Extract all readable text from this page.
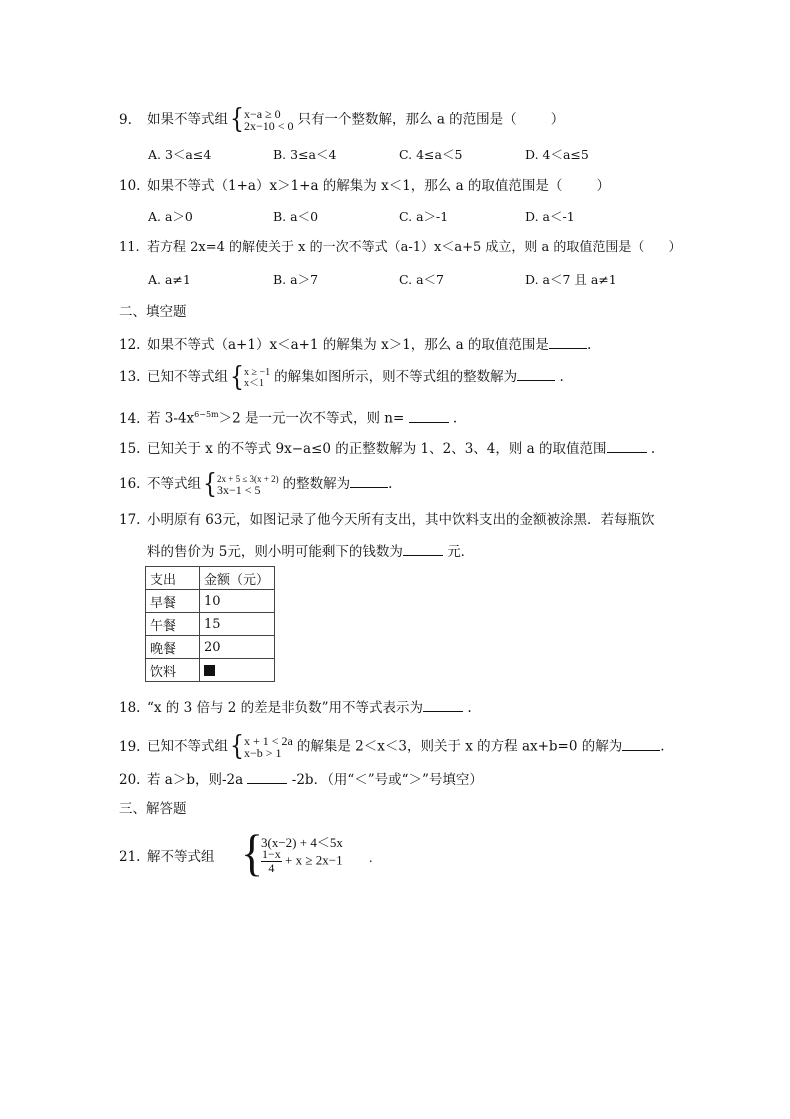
9. 如果不等式组{ x−a ≥ 0
2x−10 < 0 只有一个整数解，那么 a 的范围是（	）
A. 3＜a≤4	B. 3≤a＜4	C. 4≤a＜5	D. 4＜a≤5
10. 如果不等式（1+a）x＞1+a 的解集为 x＜1，那么 a 的取值范围是（	）
A. a＞0	B. a＜0	C. a＞-1	D. a＜-1
11. 若方程 2x=4 的解使关于 x 的一次不等式（a-1）x＜a+5 成立，则 a 的取值范围是（ ）
A. a≠1	B. a＞7	C. a＜7	D. a＜7 且 a≠1
二、填空题
12. 如果不等式（a+1）x＜a+1 的解集为 x＞1，那么 a 的取值范围是	.
13. 已知不等式组{ x ≥ −1
x＜1 的解集如图所示，则不等式组的整数解为	.
14. 若 $3-4x^{6-5m}>2$ 是一元一次不等式，则 n=	.
15. 已知关于 x 的不等式 9x−a≤0 的正整数解为 1、2、3、4，则 a 的取值范围	.
16. 不等式组{ 2x + 5 ≤ 3(x + 2)
3x−1 < 5	的整数解为	.
17. 小明原有 63元，如图记录了他今天所有支出，其中饮料支出的金额被涂黑．若每瓶饮
料的售价为 5元，则小明可能剩下的钱数为	元．
支出	金额（元）
早餐	10
午餐	15
晚餐	20
饮料	
18. “x 的 3 倍与 2 的差是非负数”用不等式表示为	.
19. 已知不等式组{ x + 1 < 2a
x−b > 1	的解集是 2＜x＜3，则关于 x 的方程 ax+b=0 的解为	.
20. 若 a＞b，则-2a	-2b．（用“＜”号或“＞”号填空）
三、解答题
21. 解不等式组 {
3(x−2) + 4＜5x
$\frac{1-x}{4} + x \ge 2x-1$ .
